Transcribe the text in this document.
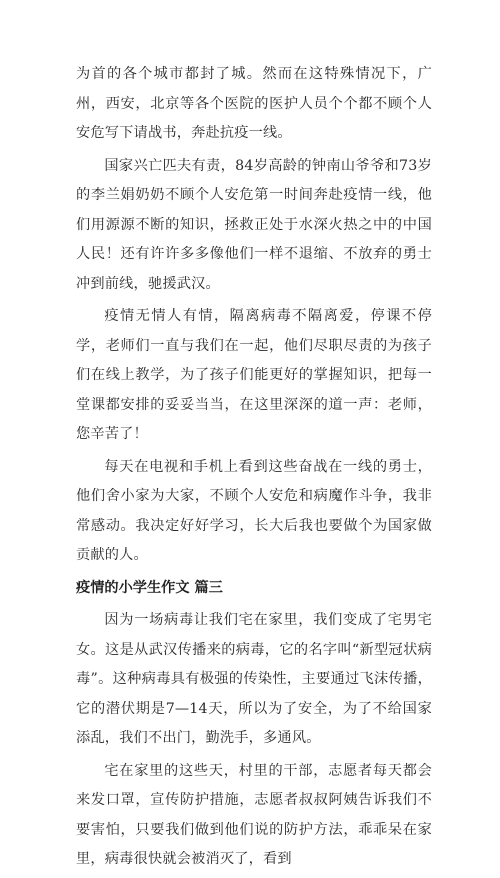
为首的各个城市都封了城。然而在这特殊情况下，广州，西安，北京等各个医院的医护人员个个都不顾个人安危写下请战书，奔赴抗疫一线。

国家兴亡匹夫有责，84岁高龄的钟南山爷爷和73岁的李兰娟奶奶不顾个人安危第一时间奔赴疫情一线，他们用源源不断的知识，拯救正处于水深火热之中的中国人民！还有许许多多像他们一样不退缩、不放弃的勇士冲到前线，驰援武汉。

疫情无情人有情，隔离病毒不隔离爱，停课不停学，老师们一直与我们在一起，他们尽职尽责的为孩子们在线上教学，为了孩子们能更好的掌握知识，把每一堂课都安排的妥妥当当，在这里深深的道一声：老师，您辛苦了！

每天在电视和手机上看到这些奋战在一线的勇士，他们舍小家为大家，不顾个人安危和病魔作斗争，我非常感动。我决定好好学习，长大后我也要做个为国家做贡献的人。

疫情的小学生作文 篇三

因为一场病毒让我们宅在家里，我们变成了宅男宅女。这是从武汉传播来的病毒，它的名字叫“新型冠状病毒”。这种病毒具有极强的传染性，主要通过飞沫传播，它的潜伏期是7—14天，所以为了安全，为了不给国家添乱，我们不出门，勤洗手，多通风。

宅在家里的这些天，村里的干部，志愿者每天都会来发口罩，宣传防护措施，志愿者叔叔阿姨告诉我们不要害怕，只要我们做到他们说的防护方法，乖乖呆在家里，病毒很快就会被消灭了，看到
